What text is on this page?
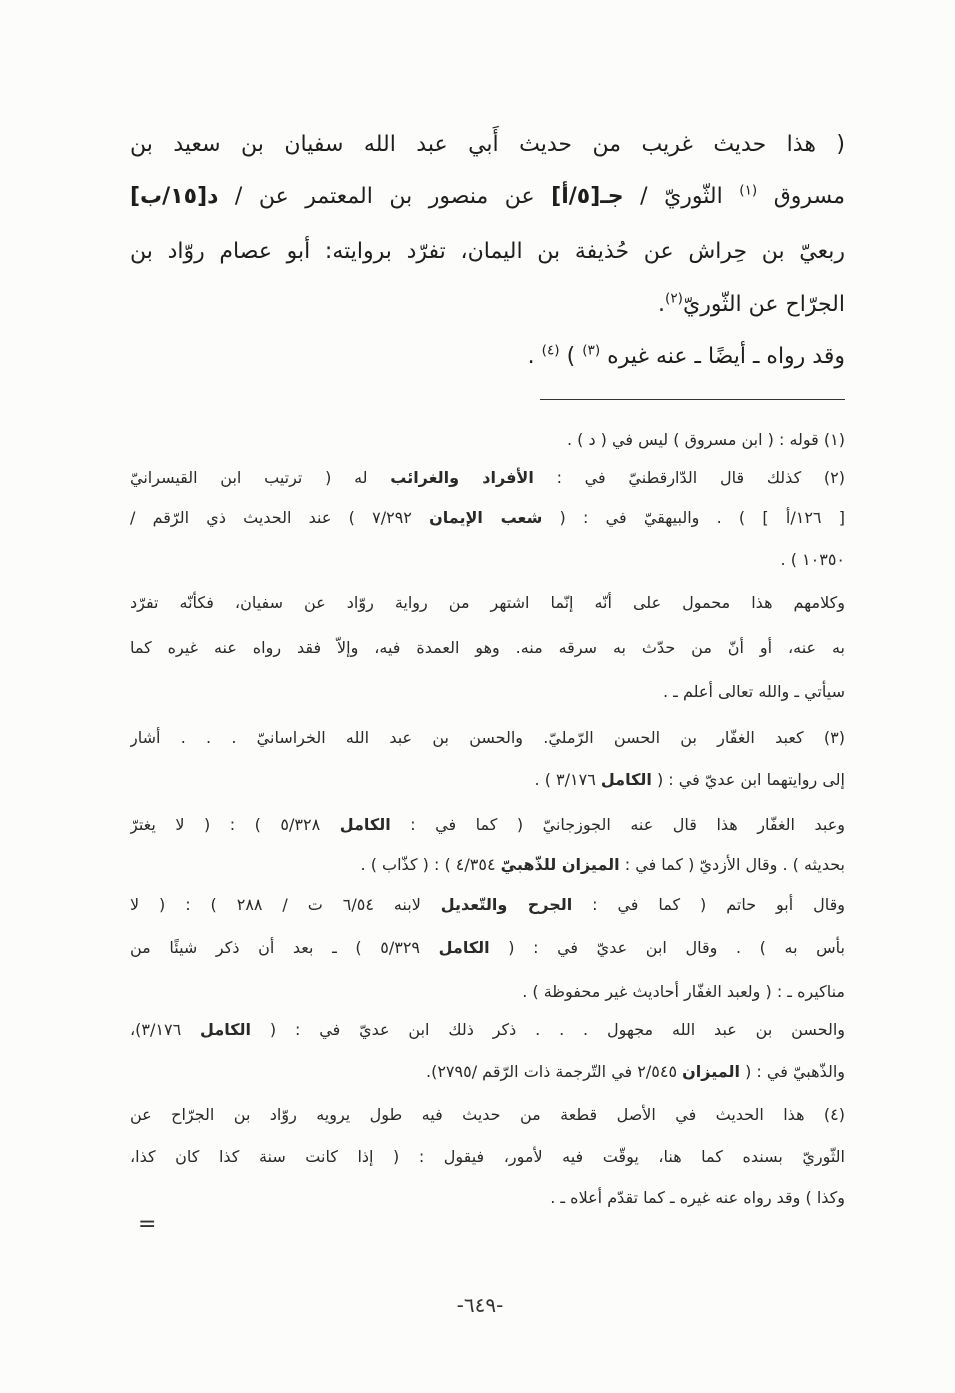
( هذا حديث غريب من حديث أَبي عبد الله سفيان بن سعيد بن
مسروق $^{(١)}$ الثّوريّ / جـ[٥/أ] عن منصور بن المعتمر عن / د[١٥/ب]
ربعيّ بن حِراش عن حُذيفة بن اليمان، تفرّد بروايته: أبو عصام روّاد بن
الجرّاح عن الثّوريّ$^{(٢)}$.
وقد رواه ـ أيضًا ـ عنه غيره $^{(٣)}$ ) $^{(٤)}$ .
(١) قوله : ( ابن مسروق ) ليس في ( د ) .
(٢) كذلك قال الدّارقطنيّ في : الأفراد والغرائب له ( ترتيب ابن القيسرانيّ
[ ١٢٦/أ ] ) . والبيهقيّ في : ( شعب الإيمان ٧/٢٩٢ ) عند الحديث ذي الرّقم /
١٠٣٥٠ ) .
وكلامهم هذا محمول على أنّه إنّما اشتهر من رواية روّاد عن سفيان، فكأنّه تفرّد
به عنه، أو أنّ من حدّث به سرقه منه. وهو العمدة فيه، وإلاّ فقد رواه عنه غيره كما
سيأتي ـ والله تعالى أعلم ـ .
(٣) كعبد الغفّار بن الحسن الرّمليّ. والحسن بن عبد الله الخراسانيّ . . . أشار
إلى روايتهما ابن عديّ في : ( الكامل ٣/١٧٦ ) .
وعبد الغفّار هذا قال عنه الجوزجانيّ ( كما في : الكامل ٥/٣٢٨ ) : ( لا يغترّ
بحديثه ) . وقال الأزديّ ( كما في : الميزان للذّهبيّ ٤/٣٥٤ ) : ( كذّاب ) .
وقال أبو حاتم ( كما في : الجرح والتّعديل لابنه ٦/٥٤ ت / ٢٨٨ ) : ( لا
بأس به ) . وقال ابن عديّ في : ( الكامل ٥/٣٢٩ ) ـ بعد أن ذكر شيئًا من
مناكيره ـ : ( ولعبد الغفّار أحاديث غير محفوظة ) .
والحسن بن عبد الله مجهول . . . ذكر ذلك ابن عديّ في : ( الكامل ٣/١٧٦)،
والذّهبيّ في : ( الميزان ٢/٥٤٥ في التّرجمة ذات الرّقم /٢٧٩٥).
(٤) هذا الحديث في الأصل قطعة من حديث فيه طول يرويه روّاد بن الجرّاح عن
الثّوريّ بسنده كما هنا، يوقّت فيه لأمور، فيقول : ( إذا كانت سنة كذا كان كذا،
وكذا ) وقد رواه عنه غيره ـ كما تقدّم أعلاه ـ .
=
-٦٤٩-
